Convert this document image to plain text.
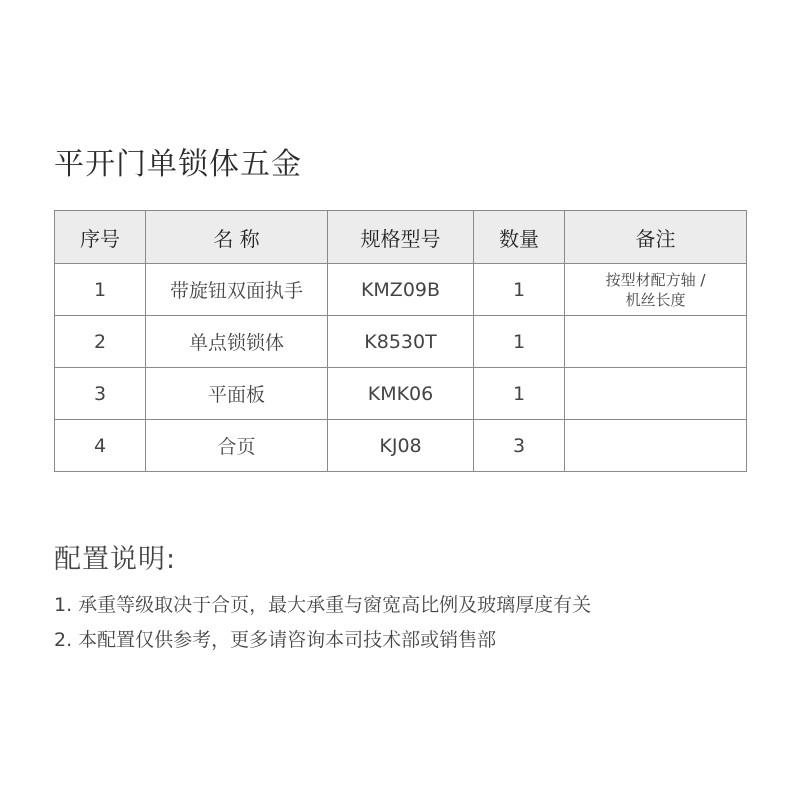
平开门单锁体五金
序号	名 称	规格型号	数量	备注
1	带旋钮双面执手	KMZ09B	1	按型材配方轴 /
机丝长度

2	单点锁锁体	K8530T	1	

3	平面板	KMK06	1	

4	合页	KJ08	3	
配置说明:
1. 承重等级取决于合页，最大承重与窗宽高比例及玻璃厚度有关
2. 本配置仅供参考，更多请咨询本司技术部或销售部
